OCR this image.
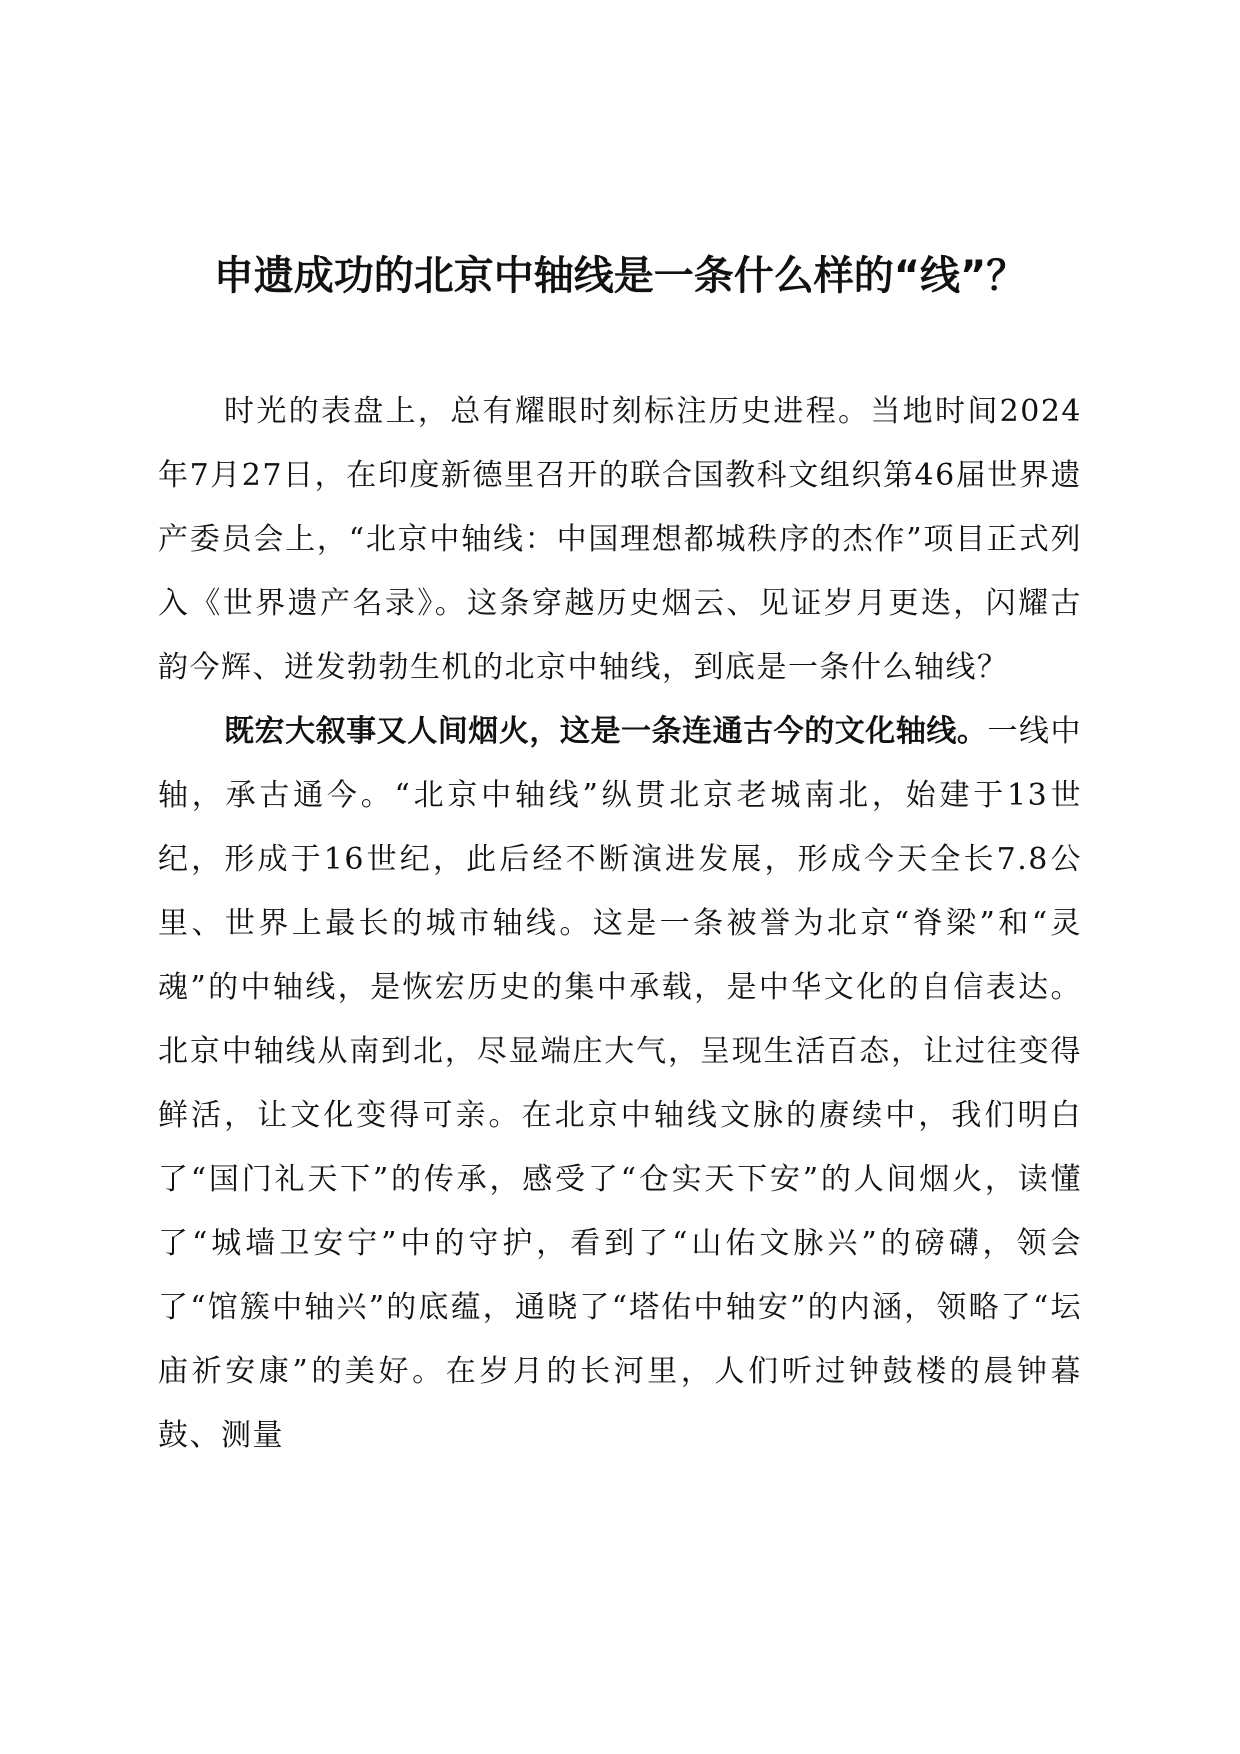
申遗成功的北京中轴线是一条什么样的“线”？

时光的表盘上，总有耀眼时刻标注历史进程。当地时间2024年7月27日，在印度新德里召开的联合国教科文组织第46届世界遗产委员会上，“北京中轴线：中国理想都城秩序的杰作”项目正式列入《世界遗产名录》。这条穿越历史烟云、见证岁月更迭，闪耀古韵今辉、迸发勃勃生机的北京中轴线，到底是一条什么轴线？

既宏大叙事又人间烟火，这是一条连通古今的文化轴线。一线中轴，承古通今。“北京中轴线”纵贯北京老城南北，始建于13世纪，形成于16世纪，此后经不断演进发展，形成今天全长7.8公里、世界上最长的城市轴线。这是一条被誉为北京“脊梁”和“灵魂”的中轴线，是恢宏历史的集中承载，是中华文化的自信表达。北京中轴线从南到北，尽显端庄大气，呈现生活百态，让过往变得鲜活，让文化变得可亲。在北京中轴线文脉的赓续中，我们明白了“国门礼天下”的传承，感受了“仓实天下安”的人间烟火，读懂了“城墙卫安宁”中的守护，看到了“山佑文脉兴”的磅礴，领会了“馆簇中轴兴”的底蕴，通晓了“塔佑中轴安”的内涵，领略了“坛庙祈安康”的美好。在岁月的长河里，人们听过钟鼓楼的晨钟暮鼓、测量
